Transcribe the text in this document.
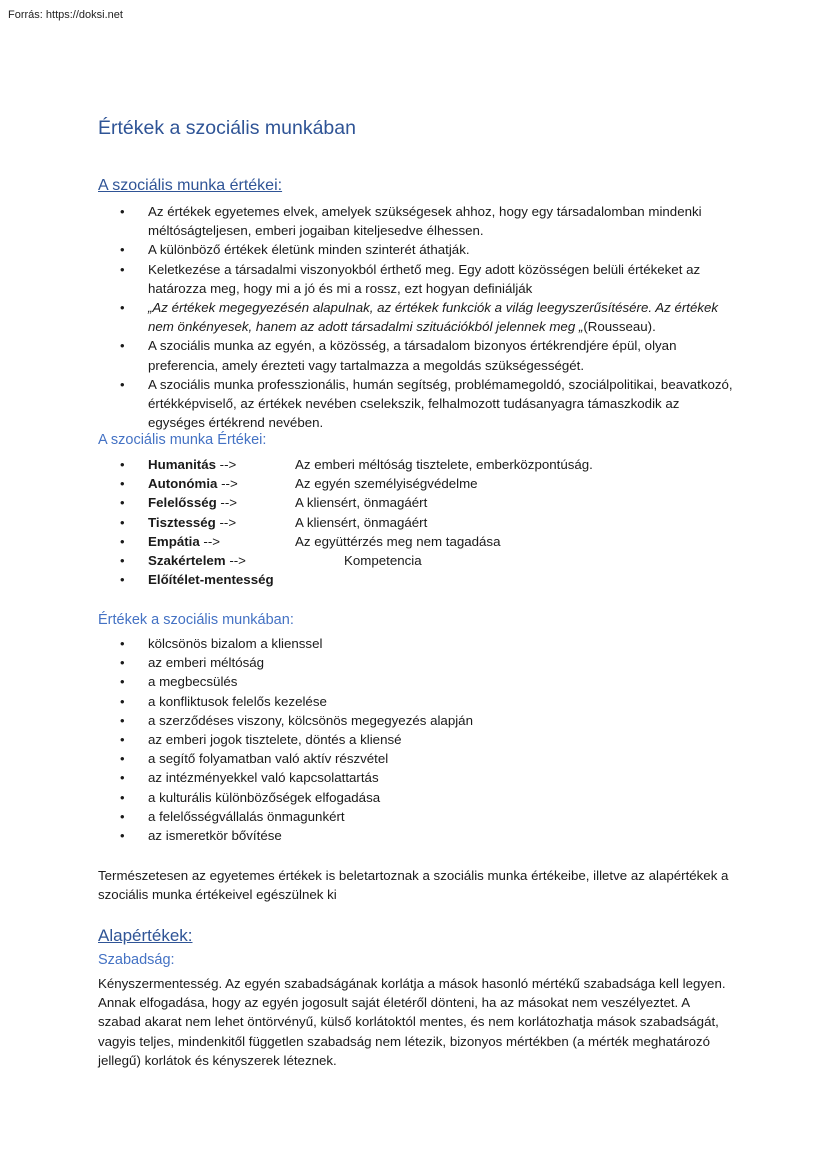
Forrás: https://doksi.net
Értékek a szociális munkában
A szociális munka értékei:
• Az értékek egyetemes elvek, amelyek szükségesek ahhoz, hogy egy társadalomban mindenki méltóságteljesen, emberi jogaiban kiteljesedve élhessen.
• A különböző értékek életünk minden szinterét áthatják.
• Keletkezése a társadalmi viszonyokból érthető meg. Egy adott közösségen belüli értékeket az határozza meg, hogy mi a jó és mi a rossz, ezt hogyan definiálják
• „Az értékek megegyezésén alapulnak, az értékek funkciók a világ leegyszerűsítésére. Az értékek nem önkényesek, hanem az adott társadalmi szituációkból jelennek meg „(Rousseau).
• A szociális munka az egyén, a közösség, a társadalom bizonyos értékrendjére épül, olyan preferencia, amely érezteti vagy tartalmazza a megoldás szükségességét.
• A szociális munka professzionális, humán segítség, problémamegoldó, szociálpolitikai, beavatkozó, értékképviselő, az értékek nevében cselekszik, felhalmozott tudásanyagra támaszkodik az egységes értékrend nevében.
A szociális munka Értékei:
• Humanitás -->	Az emberi méltóság tisztelete, emberközpontúság.
• Autonómia -->	Az egyén személyiségvédelme
• Felelősség -->	A kliensért, önmagáért
• Tisztesség -->	A kliensért, önmagáért
• Empátia -->	Az együttérzés meg nem tagadása
• Szakértelem -->	Kompetencia
• Előítélet-mentesség
Értékek a szociális munkában:
• kölcsönös bizalom a klienssel
• az emberi méltóság
• a megbecsülés
• a konfliktusok felelős kezelése
• a szerződéses viszony, kölcsönös megegyezés alapján
• az emberi jogok tisztelete, döntés a kliensé
• a segítő folyamatban való aktív részvétel
• az intézményekkel való kapcsolattartás
• a kulturális különbözőségek elfogadása
• a felelősségvállalás önmagunkért
• az ismeretkör bővítése

Természetesen az egyetemes értékek is beletartoznak a szociális munka értékeibe, illetve az alapértékek a szociális munka értékeivel egészülnek ki

Alapértékek:
Szabadság:

Kényszermentesség. Az egyén szabadságának korlátja a mások hasonló mértékű szabadsága kell legyen. Annak elfogadása, hogy az egyén jogosult saját életéről dönteni, ha az másokat nem veszélyeztet. A szabad akarat nem lehet öntörvényű, külső korlátoktól mentes, és nem korlátozhatja mások szabadságát, vagyis teljes, mindenkitől független szabadság nem létezik, bizonyos mértékben (a mérték meghatározó jellegű) korlátok és kényszerek léteznek.
